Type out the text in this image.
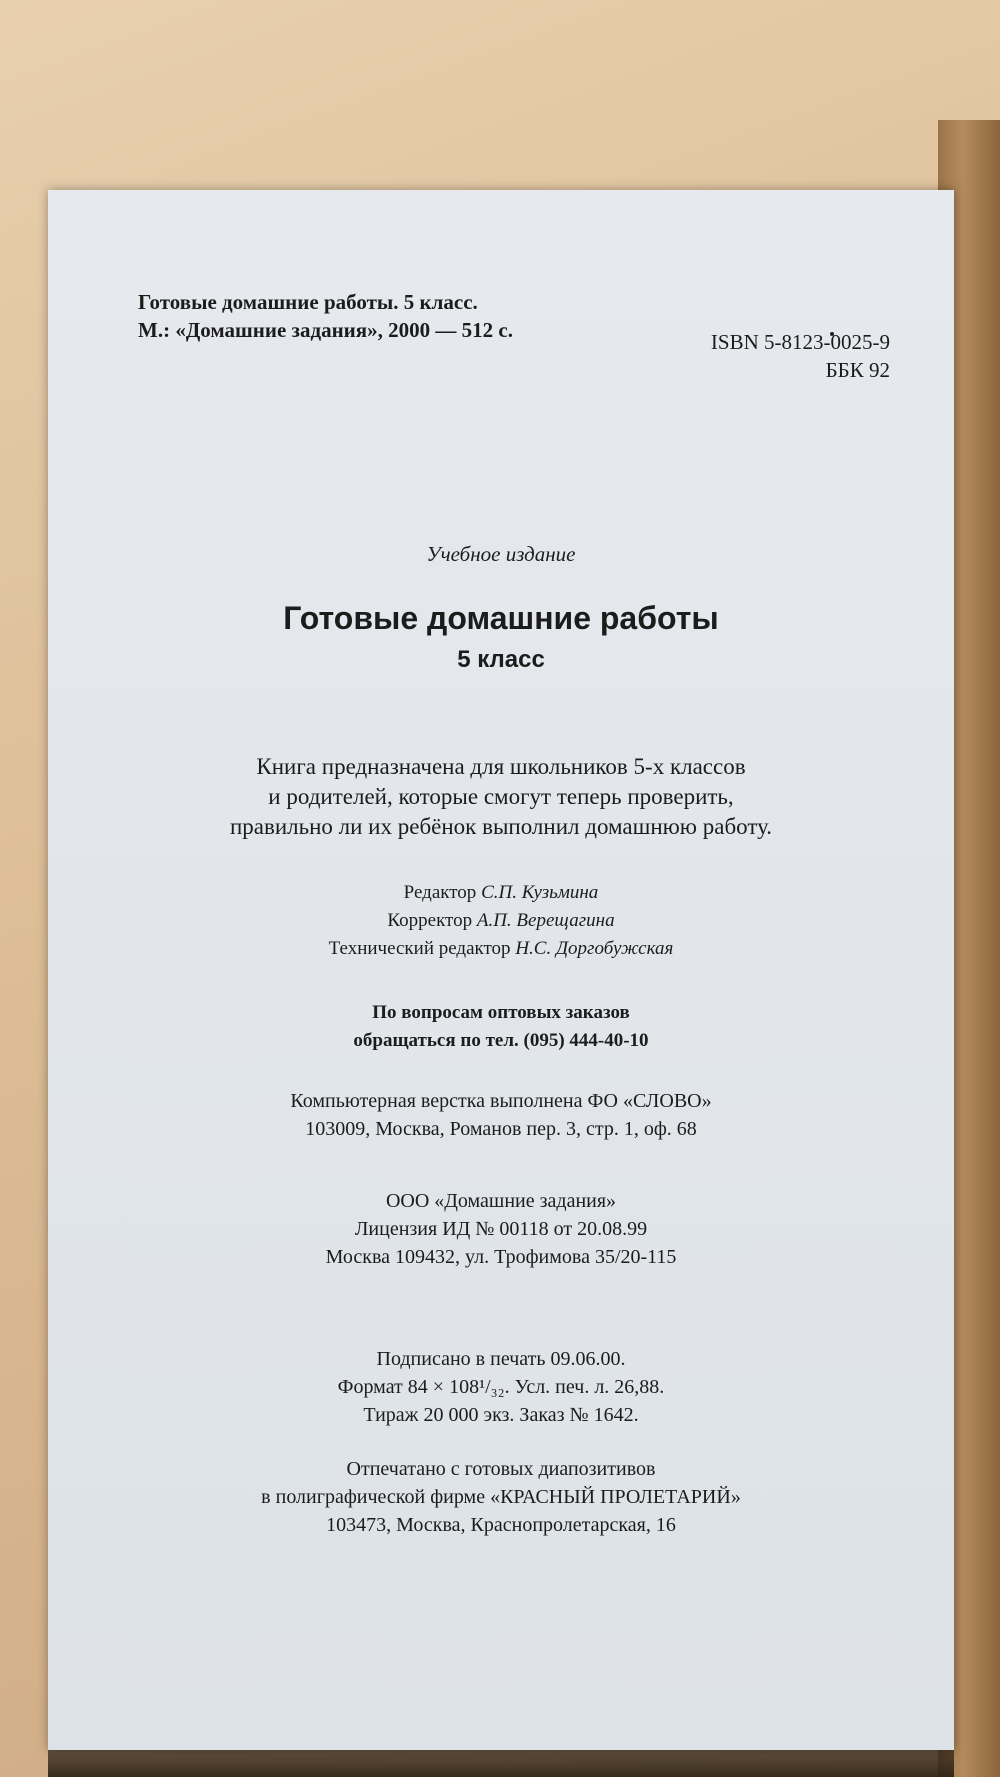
Готовые домашние работы. 5 класс.
М.: «Домашние задания», 2000 — 512 с.	ISBN 5-8123-0025-9
ББК 92
Учебное издание
Готовые домашние работы
5 класс
Книга предназначена для школьников 5-х классов
и родителей, которые смогут теперь проверить,
правильно ли их ребёнок выполнил домашнюю работу.
Редактор С.П. Кузьмина
Корректор А.П. Верещагина
Технический редактор Н.С. Доргобужская
По вопросам оптовых заказов
обращаться по тел. (095) 444-40-10
Компьютерная верстка выполнена ФО «СЛОВО»
103009, Москва, Романов пер. 3, стр. 1, оф. 68
ООО «Домашние задания»
Лицензия ИД № 00118 от 20.08.99
Москва 109432, ул. Трофимова 35/20-115
Подписано в печать 09.06.00.
Формат 84 × 108¹/₃₂. Усл. печ. л. 26,88.
Тираж 20 000 экз. Заказ № 1642.
Отпечатано с готовых диапозитивов
в полиграфической фирме «КРАСНЫЙ ПРОЛЕТАРИЙ»
103473, Москва, Краснопролетарская, 16
